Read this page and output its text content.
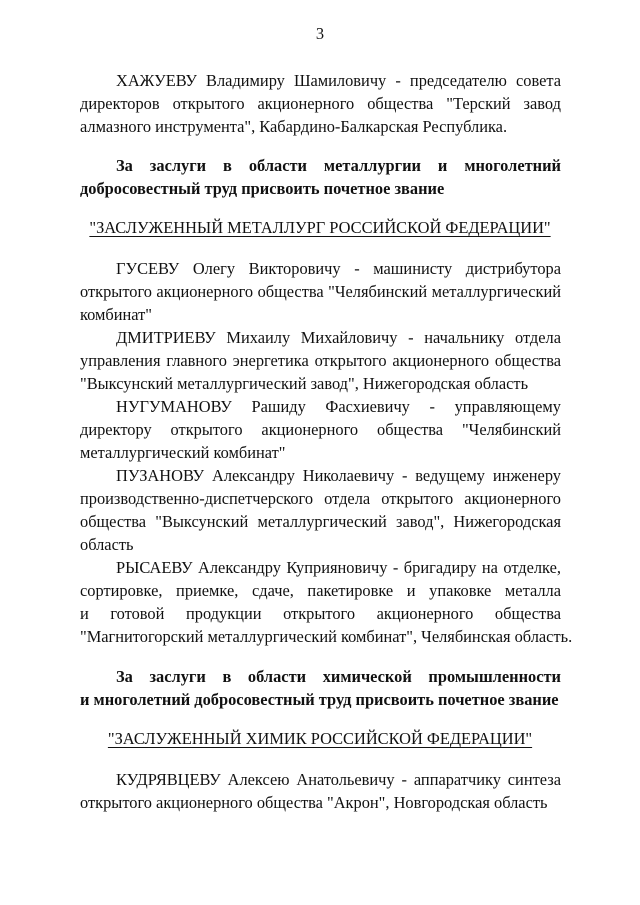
3
ХАЖУЕВУ Владимиру Шамиловичу - председателю совета
директоров открытого акционерного общества "Терский завод
алмазного инструмента", Кабардино-Балкарская Республика.
За заслуги в области металлургии и многолетний
добросовестный труд присвоить почетное звание
"ЗАСЛУЖЕННЫЙ МЕТАЛЛУРГ РОССИЙСКОЙ ФЕДЕРАЦИИ"
ГУСЕВУ Олегу Викторовичу - машинисту дистрибутора
открытого акционерного общества "Челябинский металлургический
комбинат"
ДМИТРИЕВУ Михаилу Михайловичу - начальнику отдела
управления главного энергетика открытого акционерного общества
"Выксунский металлургический завод", Нижегородская область
НУГУМАНОВУ Рашиду Фасхиевичу - управляющему
директору открытого акционерного общества "Челябинский
металлургический комбинат"
ПУЗАНОВУ Александру Николаевичу - ведущему инженеру
производственно-диспетчерского отдела открытого акционерного
общества "Выксунский металлургический завод", Нижегородская
область
РЫСАЕВУ Александру Куприяновичу - бригадиру на отделке,
сортировке, приемке, сдаче, пакетировке и упаковке металла
и готовой продукции открытого акционерного общества
"Магнитогорский металлургический комбинат", Челябинская область.
За заслуги в области химической промышленности
и многолетний добросовестный труд присвоить почетное звание
"ЗАСЛУЖЕННЫЙ ХИМИК РОССИЙСКОЙ ФЕДЕРАЦИИ"
КУДРЯВЦЕВУ Алексею Анатольевичу - аппаратчику синтеза
открытого акционерного общества "Акрон", Новгородская область
